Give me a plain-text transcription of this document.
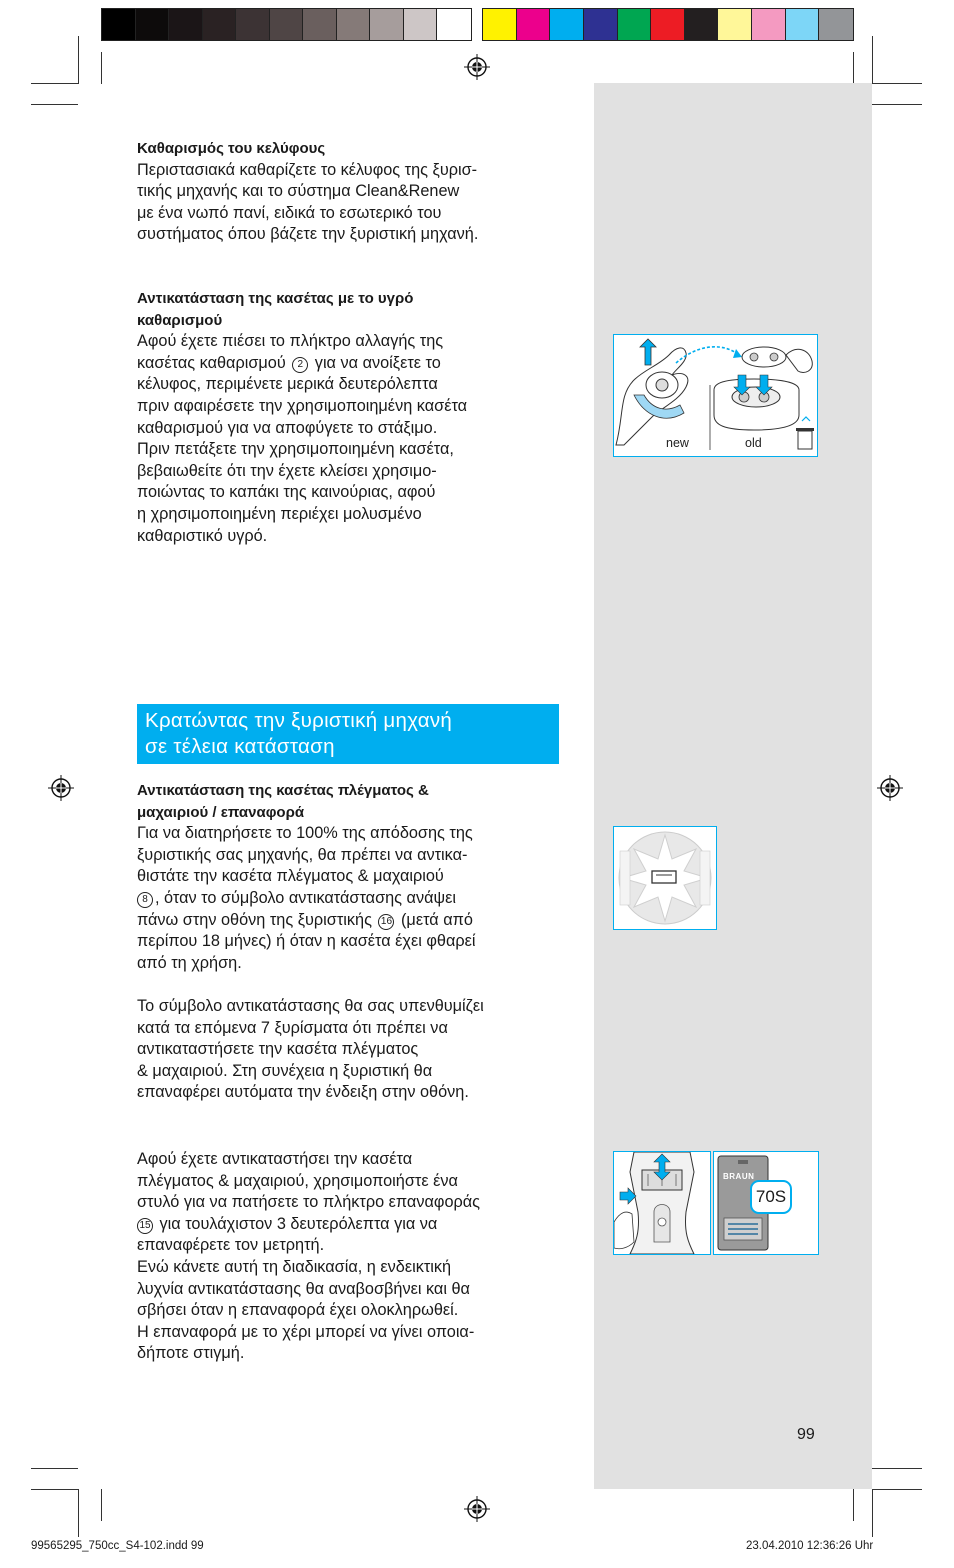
Καθαρισμός του κελύφους

Περιστασιακά καθαρίζετε το κέλυφος της ξυρισ-

τικής μηχανής και το σύστημα Clean&Renew

με ένα νωπό πανί, ειδικά το εσωτερικό του

συστήματος όπου βάζετε την ξυριστική μηχανή.

Αντικατάσταση της κασέτας με το υγρό

καθαρισμού

Αφού έχετε πιέσει το πλήκτρο αλλαγής της

κασέτας καθαρισμού 2 για να ανοίξετε το

κέλυφος, περιμένετε μερικά δευτερόλεπτα

πριν αφαιρέσετε την χρησιμοποιημένη κασέτα

καθαρισμού για να αποφύγετε το στάξιμο.

Πριν πετάξετε την χρησιμοποιημένη κασέτα,

βεβαιωθείτε ότι την έχετε κλείσει χρησιμο-

ποιώντας το καπάκι της καινούριας, αφού

η χρησιμοποιημένη περιέχει μολυσμένο

καθαριστικό υγρό.

new	old
Κρατώντας την ξυριστική μηχανή
σε τέλεια κατάσταση

Αντικατάσταση της κασέτας πλέγματος &

μαχαιριού / επαναφορά

Για να διατηρήσετε το 100% της απόδοσης της

ξυριστικής σας μηχανής, θα πρέπει να αντικα-

θιστάτε την κασέτα πλέγματος & μαχαιριού

8 , όταν το σύμβολο αντικατάστασης ανάψει

πάνω στην οθόνη της ξυριστικής 16 (μετά από

περίπου 18 μήνες) ή όταν η κασέτα έχει φθαρεί

από τη χρήση.

Το σύμβολο αντικατάστασης θα σας υπενθυμίζει

κατά τα επόμενα 7 ξυρίσματα ότι πρέπει να

αντικαταστήσετε την κασέτα πλέγματος

& μαχαιριού. Στη συνέχεια η ξυριστική θα

επαναφέρει αυτόματα την ένδειξη στην οθόνη.

Αφού έχετε αντικαταστήσει την κασέτα

πλέγματος & μαχαιριού, χρησιμοποιήστε ένα

στυλό για να πατήσετε το πλήκτρο επαναφοράς

15 για τουλάχιστον 3 δευτερόλεπτα για να

επαναφέρετε τον μετρητή.

Ενώ κάνετε αυτή τη διαδικασία, η ενδεικτική

λυχνία αντικατάστασης θα αναβοσβήνει και θα

σβήσει όταν η επαναφορά έχει ολοκληρωθεί.

Η επαναφορά με το χέρι μπορεί να γίνει οποια-

δήποτε στιγμή.

BRAUN
70S
99
99565295_750cc_S4-102.indd 99	23.04.2010 12:36:26 Uhr
